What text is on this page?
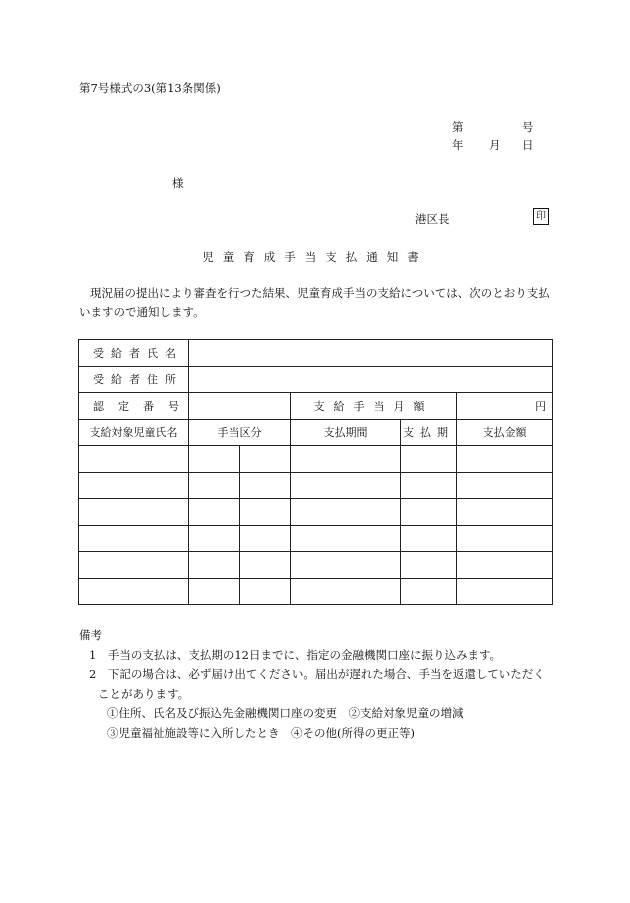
第7号様式の3(第13条関係)
第	号
年 月 日
様
港区長	印
児童育成手当支払通知書
現況届の提出により審査を行つた結果、児童育成手当の支給については、次のとおり支払いますので通知します。
受給者氏名					
受給者住所					
認定番号			支給手当月額		円
支給対象児童氏名	手当区分		支払期間	支払期	支払金額

備考
1　手当の支払は、支払期の12日までに、指定の金融機関口座に振り込みます。
2　下記の場合は、必ず届け出てください。届出が遅れた場合、手当を返還していただく
ことがあります。
①住所、氏名及び振込先金融機関口座の変更　②支給対象児童の増減
③児童福祉施設等に入所したとき　④その他(所得の更正等)
